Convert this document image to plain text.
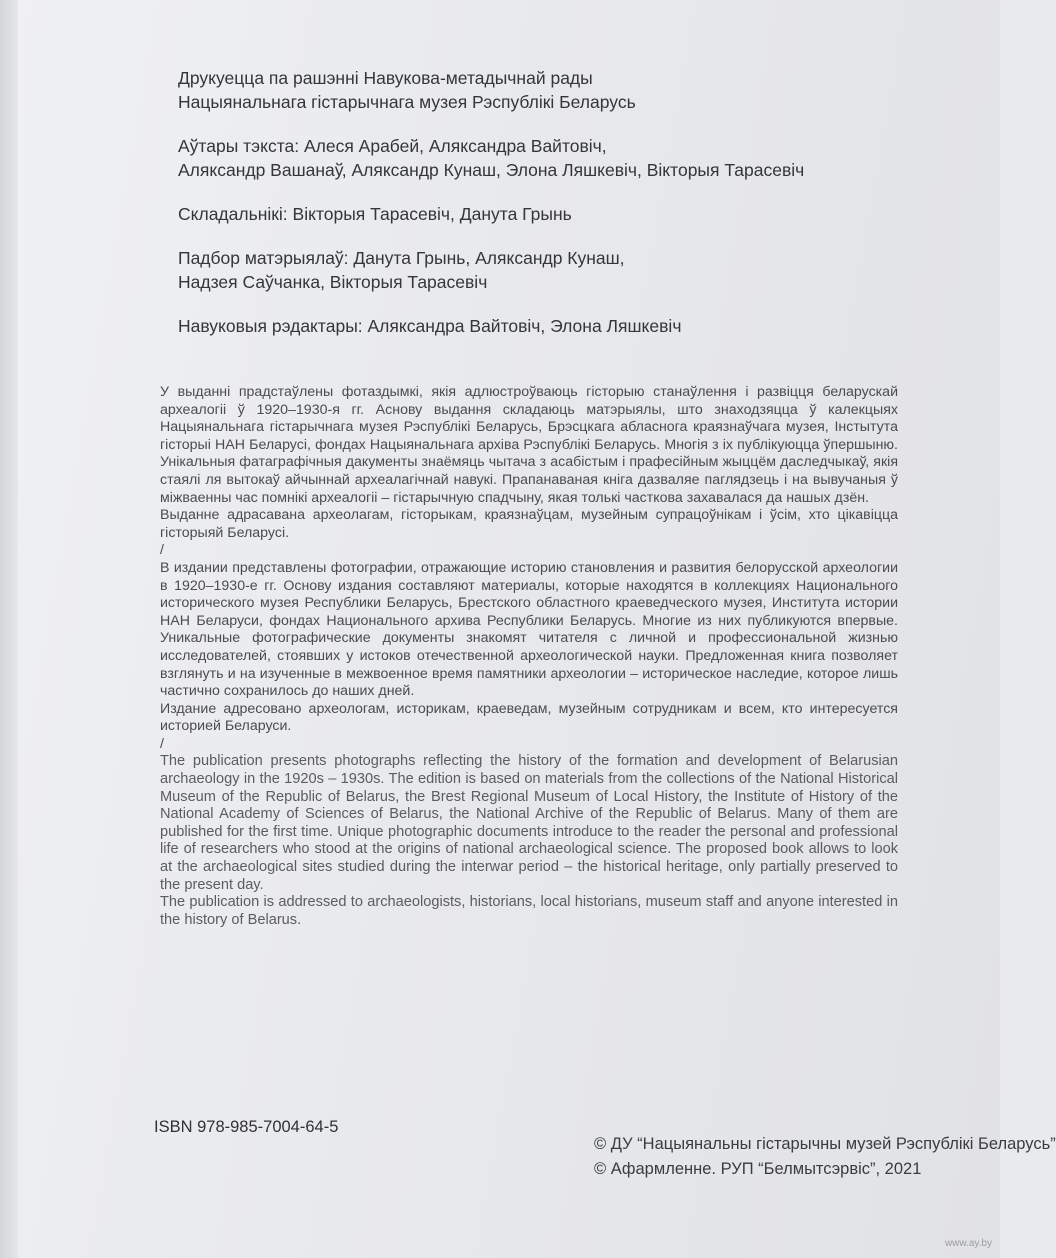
Друкуецца па рашэнні Навукова-метадычнай рады

Нацыянальнага гістарычнага музея Рэспублікі Беларусь

Аўтары тэкста: Алеся Арабей, Аляксандра Вайтовіч,

Аляксандр Вашанаў, Аляксандр Кунаш, Элона Ляшкевіч, Вікторыя Тарасевіч

Складальнікі: Вікторыя Тарасевіч, Данута Грынь

Падбор матэрыялаў: Данута Грынь, Аляксандр Кунаш,

Надзея Саўчанка, Вікторыя Тарасевіч

Навуковыя рэдактары: Аляксандра Вайтовіч, Элона Ляшкевіч

У выданні прадстаўлены фотаздымкі, якія адлюстроўваюць гісторыю станаўлення і развіцця беларускай археалогіі ў 1920–1930-я гг. Аснову выдання складаюць матэрыялы, што знаходзяцца ў калекцыях Нацыянальнага гістарычнага музея Рэспублікі Беларусь, Брэсцкага абласнога краязнаўчага музея, Інстытута гісторыі НАН Беларусі, фондах Нацыянальнага архіва Рэспублікі Беларусь. Многія з іх публікуюцца ўпершыню. Унікальныя фатаграфічныя дакументы знаёмяць чытача з асабістым і прафесійным жыццём даследчыкаў, якія стаялі ля вытокаў айчыннай археалагічнай навукі. Прапанаваная кніга дазваляе паглядзець і на вывучаныя ў міжваенны час помнікі археалогіі – гістарычную спадчыну, якая толькі часткова захавалася да нашых дзён.

Выданне адрасавана археолагам, гісторыкам, краязнаўцам, музейным супрацоўнікам і ўсім, хто цікавіцца гісторыяй Беларусі.

/

В издании представлены фотографии, отражающие историю становления и развития белорусской археологии в 1920–1930-е гг. Основу издания составляют материалы, которые находятся в коллекциях Национального исторического музея Республики Беларусь, Брестского областного краеведческого музея, Института истории НАН Беларуси, фондах Национального архива Республики Беларусь. Многие из них публикуются впервые. Уникальные фотографические документы знакомят читателя с личной и профессиональной жизнью исследователей, стоявших у истоков отечественной археологической науки. Предложенная книга позволяет взглянуть и на изученные в межвоенное время памятники археологии – историческое наследие, которое лишь частично сохранилось до наших дней.

Издание адресовано археологам, историкам, краеведам, музейным сотрудникам и всем, кто интересуется историей Беларуси.

/

The publication presents photographs reflecting the history of the formation and development of Belarusian archaeology in the 1920s – 1930s. The edition is based on materials from the collections of the National Historical Museum of the Republic of Belarus, the Brest Regional Museum of Local History, the Institute of History of the National Academy of Sciences of Belarus, the National Archive of the Republic of Belarus. Many of them are published for the first time. Unique photographic documents introduce to the reader the personal and professional life of researchers who stood at the origins of national archaeological science. The proposed book allows to look at the archaeological sites studied during the interwar period – the historical heritage, only partially preserved to the present day.

The publication is addressed to archaeologists, historians, local historians, museum staff and anyone interested in the history of Belarus.

ISBN 978-985-7004-64-5

© ДУ “Нацыянальны гістарычны музей Рэспублікі Беларусь”

© Афармленне. РУП “Белмытсэрвіс”, 2021

www.ay.by
